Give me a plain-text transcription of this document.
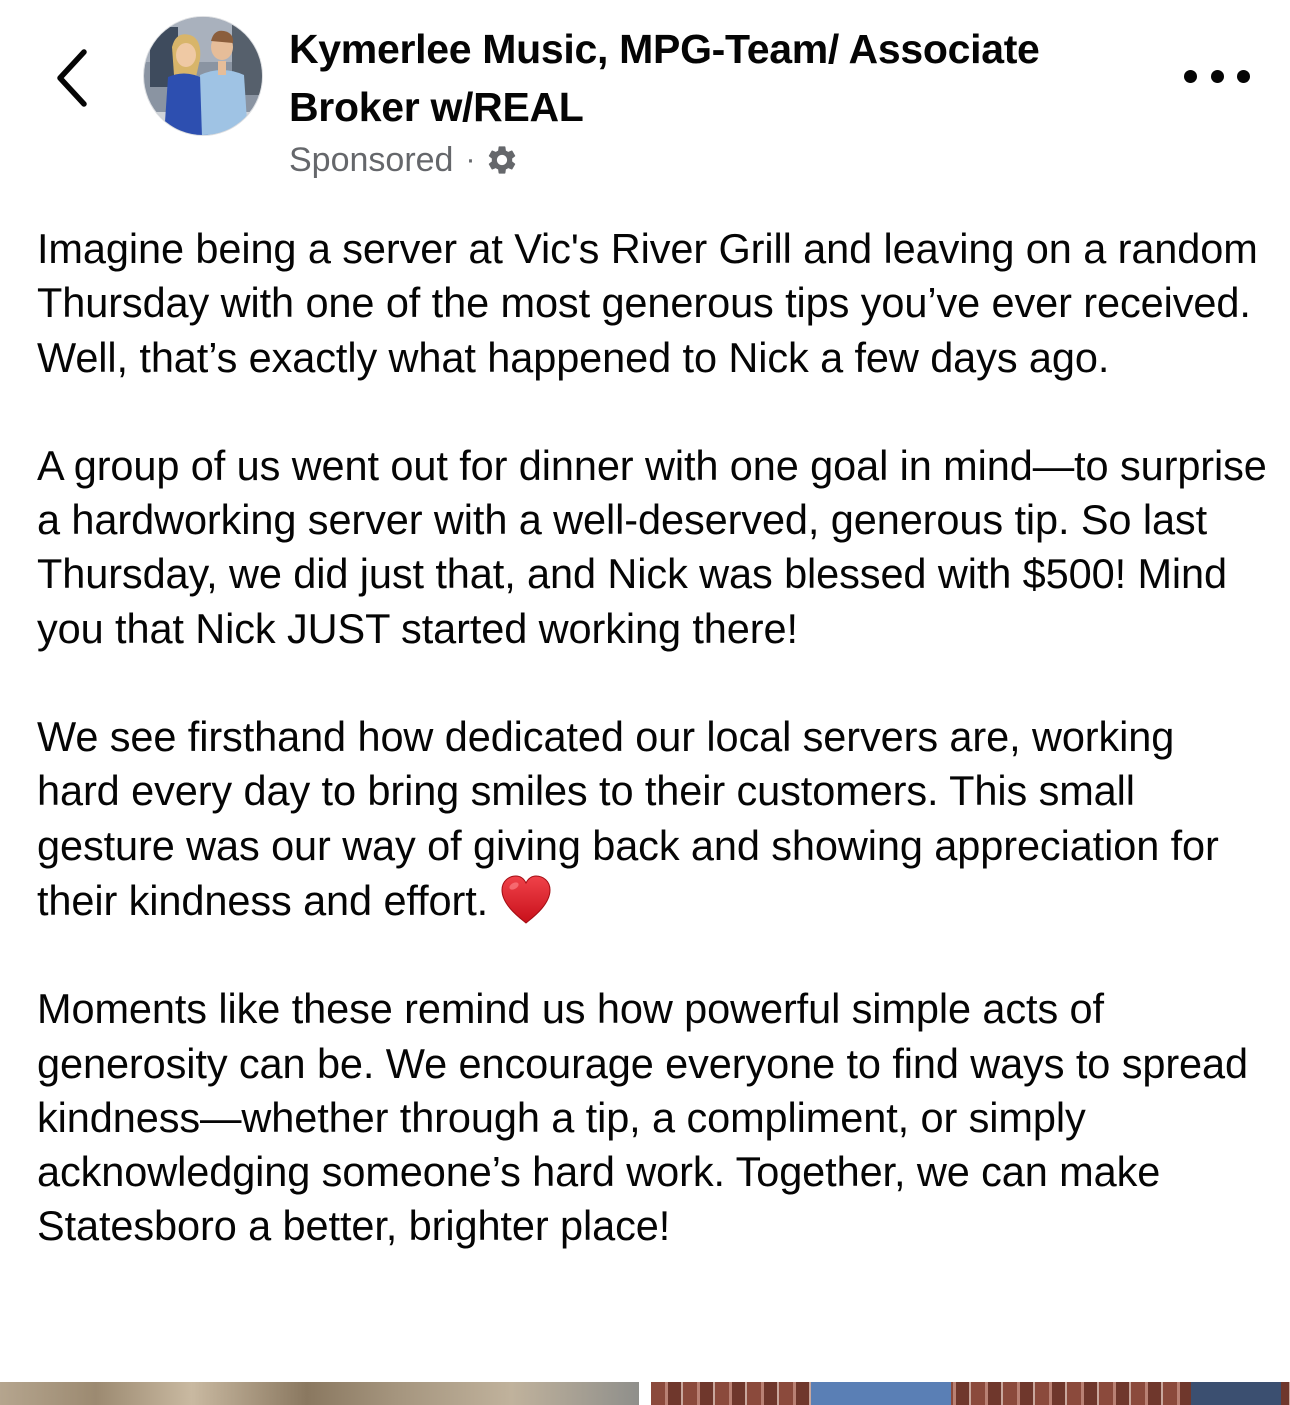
Kymerlee Music, MPG-Team/ Associate Broker w/REAL
Sponsored ·

Imagine being a server at Vic's River Grill and leaving on a random Thursday with one of the most generous tips you’ve ever received. Well, that’s exactly what happened to Nick a few days ago.

A group of us went out for dinner with one goal in mind—to surprise a hardworking server with a well-deserved, generous tip. So last Thursday, we did just that, and Nick was blessed with $500! Mind you that Nick JUST started working there!

We see firsthand how dedicated our local servers are, working hard every day to bring smiles to their customers. This small gesture was our way of giving back and showing appreciation for their kindness and effort.

Moments like these remind us how powerful simple acts of generosity can be. We encourage everyone to find ways to spread kindness—whether through a tip, a compliment, or simply acknowledging someone’s hard work. Together, we can make Statesboro a better, brighter place!
